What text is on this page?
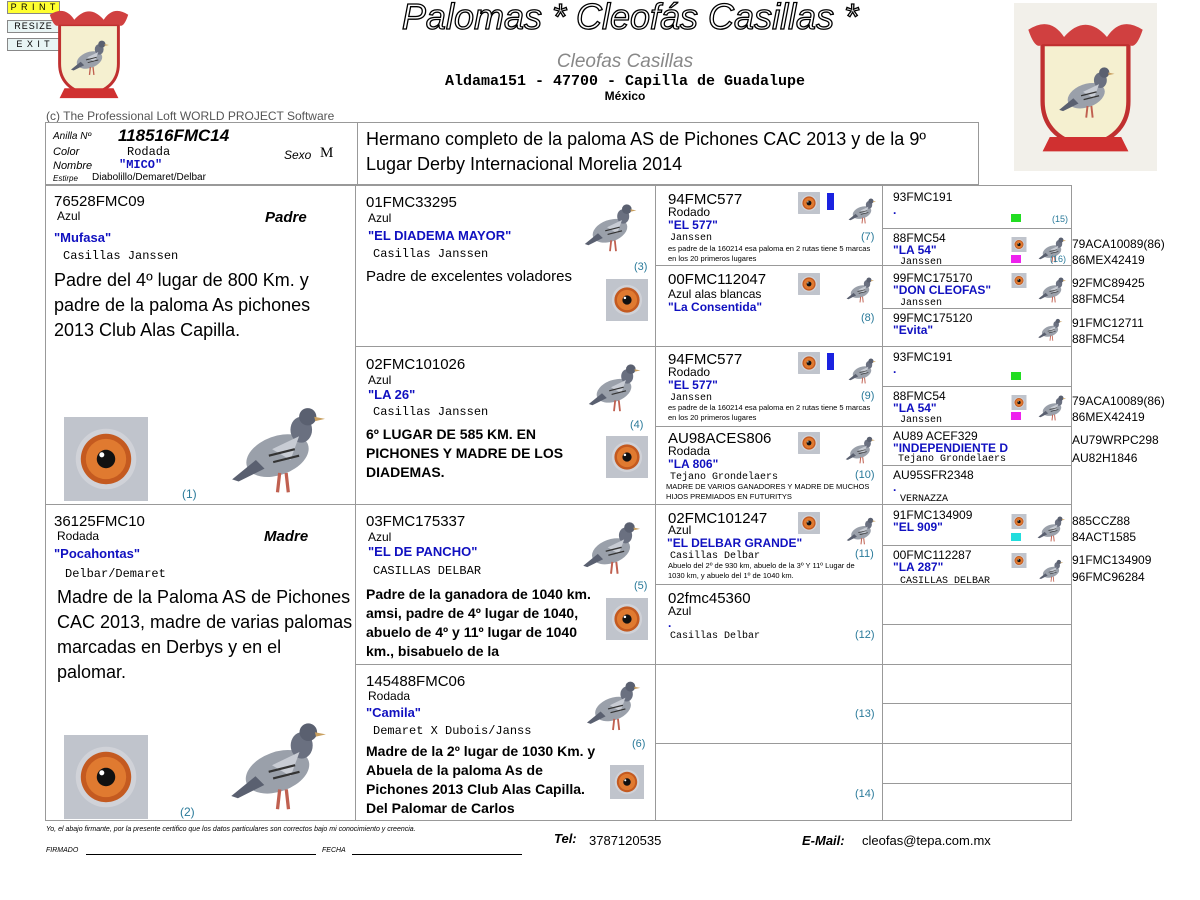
P R I N T
RESIZE
E X I T
Palomas * Cleofás Casillas *
Cleofas Casillas
Aldama151 - 47700 - Capilla de Guadalupe
México
(c) The Professional Loft WORLD PROJECT Software
Anilla Nº 118516FMC14
Color	Rodada
Nombre "MICO"
Estirpe Diabolillo/Demaret/Delbar
Sexo M
Hermano completo de la paloma AS de Pichones CAC 2013 y de la 9º Lugar Derby Internacional Morelia 2014
76528FMC09
Azul	Padre
"Mufasa"
Casillas Janssen
Padre del 4º lugar de 800 Km. y padre de la paloma As pichones 2013 Club Alas Capilla.
(1)
36125FMC10
Rodada	Madre
"Pocahontas"
Delbar/Demaret
Madre de la Paloma AS de Pichones CAC 2013, madre de varias palomas marcadas en Derbys y en el palomar.
(2)
01FMC33295
Azul
"EL DIADEMA MAYOR"
Casillas Janssen
Padre de excelentes voladores
(3)
02FMC101026
Azul
"LA 26"
Casillas Janssen
6º LUGAR DE 585 KM. EN PICHONES Y MADRE DE LOS DIADEMAS.
(4)
03FMC175337
Azul
"EL DE PANCHO"
CASILLAS DELBAR
Padre de la ganadora de 1040 km. amsi, padre de 4º lugar de 1040, abuelo de 4º y 11º lugar de 1040 km., bisabuelo de la
(5)
145488FMC06
Rodada
"Camila"
Demaret X Dubois/Janss
Madre de la 2º lugar de 1030 Km. y Abuela de la paloma As de Pichones 2013 Club Alas Capilla. Del Palomar de Carlos
(6)
94FMC577
Rodado
"EL 577"
Janssen
es padre de la 160214 esa paloma en 2 rutas tiene 5 marcas en los 20 primeros lugares
(7)
00FMC112047
Azul alas blancas
"La Consentida"
(8)
94FMC577
Rodado
"EL 577"
Janssen
es padre de la 160214 esa paloma en 2 rutas tiene 5 marcas en los 20 primeros lugares
(9)
AU98ACES806
Rodada
"LA 806"
Tejano Grondelaers
MADRE DE VARIOS GANADORES Y MADRE DE MUCHOS HIJOS PREMIADOS EN FUTURITYS
(10)
02FMC101247
Azul
"EL DELBAR GRANDE"
Casillas Delbar
Abuelo del 2º de 930 km, abuelo de la 3º Y 11º Lugar de 1030 km, y abuelo del 1º de 1040 km.
(11)
02fmc45360
Azul
.
Casillas Delbar	(12)
(13)
(14)
93FMC191
.
(15)
88FMC54
"LA 54"
Janssen	(16)
99FMC175170
"DON CLEOFAS"
Janssen
99FMC175120
"Evita"
93FMC191
.
88FMC54
"LA 54"
Janssen
AU89 ACEF329
"INDEPENDIENTE D
Tejano Grondelaers
AU95SFR2348
.
VERNAZZA
91FMC134909
"EL 909"
00FMC112287
"LA 287"
CASILLAS DELBAR
79ACA10089(86)
86MEX42419
92FMC89425
88FMC54
91FMC12711
88FMC54
79ACA10089(86)
86MEX42419
AU79WRPC298
AU82H1846
885CCZ88
84ACT1585
91FMC134909
96FMC96284
Yo, el abajo firmante, por la presente certifico que los datos particulares son correctos bajo mi conocimiento y creencia.
FIRMADO	FECHA
Tel: 3787120535	E-Mail: cleofas@tepa.com.mx
